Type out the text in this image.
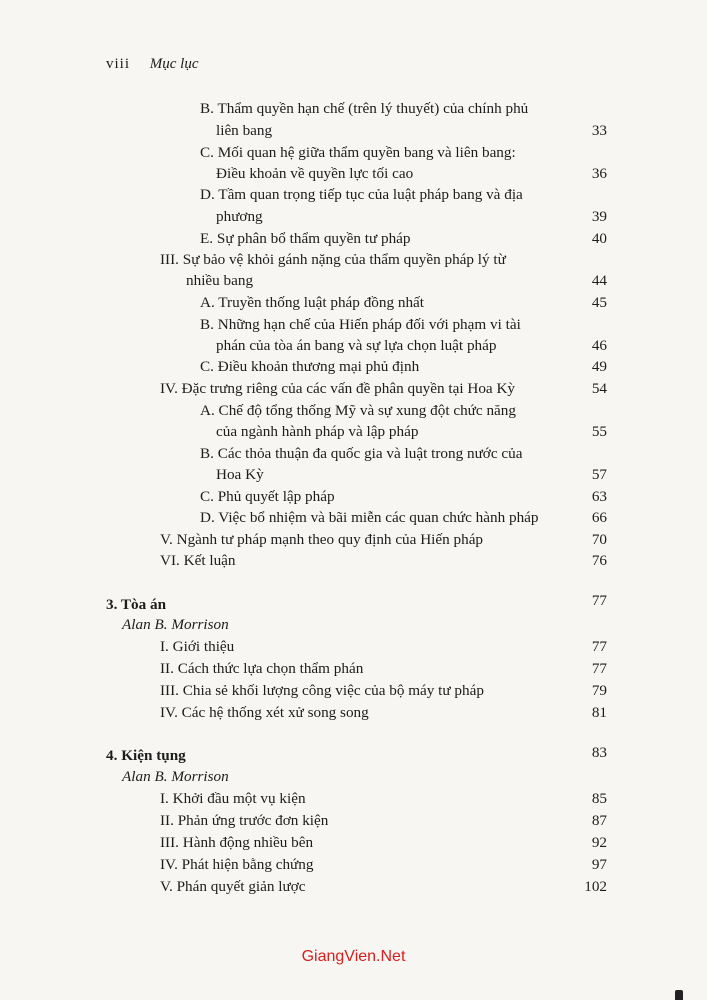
viii Mục lục
B. Thẩm quyền hạn chế (trên lý thuyết) của chính phủ
liên bang	33
C. Mối quan hệ giữa thẩm quyền bang và liên bang:
Điều khoản về quyền lực tối cao	36
D. Tầm quan trọng tiếp tục của luật pháp bang và địa
phương	39
E. Sự phân bổ thẩm quyền tư pháp	40
III. Sự bảo vệ khỏi gánh nặng của thẩm quyền pháp lý từ
nhiều bang	44
A. Truyền thống luật pháp đồng nhất	45
B. Những hạn chế của Hiến pháp đối với phạm vi tài
phán của tòa án bang và sự lựa chọn luật pháp	46
C. Điều khoản thương mại phủ định	49
IV. Đặc trưng riêng của các vấn đề phân quyền tại Hoa Kỳ	54
A. Chế độ tổng thống Mỹ và sự xung đột chức năng
của ngành hành pháp và lập pháp	55
B. Các thỏa thuận đa quốc gia và luật trong nước của
Hoa Kỳ	57
C. Phủ quyết lập pháp	63
D. Việc bổ nhiệm và bãi miễn các quan chức hành pháp	66
V. Ngành tư pháp mạnh theo quy định của Hiến pháp	70
VI. Kết luận	76
3. Tòa án	77
Alan B. Morrison
I. Giới thiệu	77
II. Cách thức lựa chọn thẩm phán	77
III. Chia sẻ khối lượng công việc của bộ máy tư pháp	79
IV. Các hệ thống xét xử song song	81
4. Kiện tụng	83
Alan B. Morrison
I. Khởi đầu một vụ kiện	85
II. Phản ứng trước đơn kiện	87
III. Hành động nhiều bên	92
IV. Phát hiện bằng chứng	97
V. Phán quyết giản lược	102
GiangVien.Net
